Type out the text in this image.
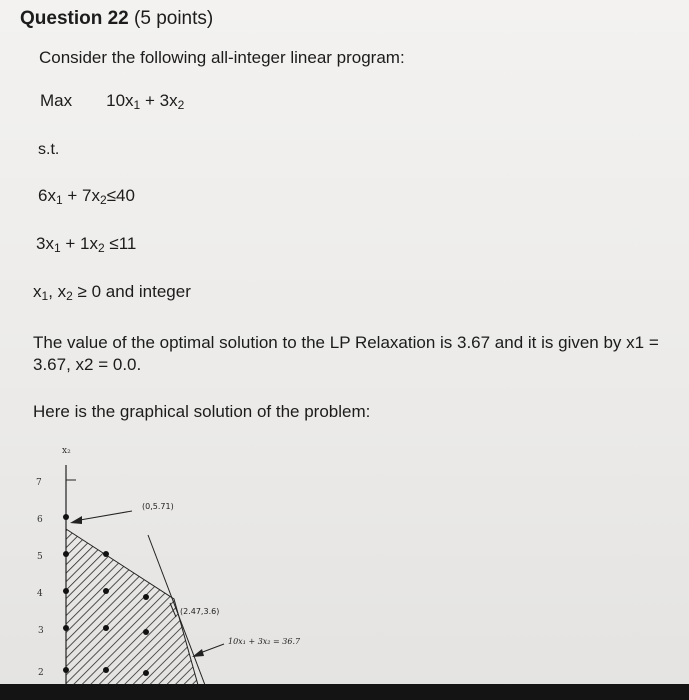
Question 22 (5 points)
Consider the following all-integer linear program:
Max $10x_1 + 3x_2$
s.t.
$6x_1 + 7x_2\le 40$
$3x_1 + 1x_2 \le 11$
$x_1$, $x_2 \ge 0$ and integer
The value of the optimal solution to the LP Relaxation is 3.67 and it is given by x1 = 3.67, x2 = 0.0.
Here is the graphical solution of the problem:
x₂
7
6
5
4
3
2
(0,5.71)
(2.47,3.6)
10x₁ + 3x₂ = 36.7
